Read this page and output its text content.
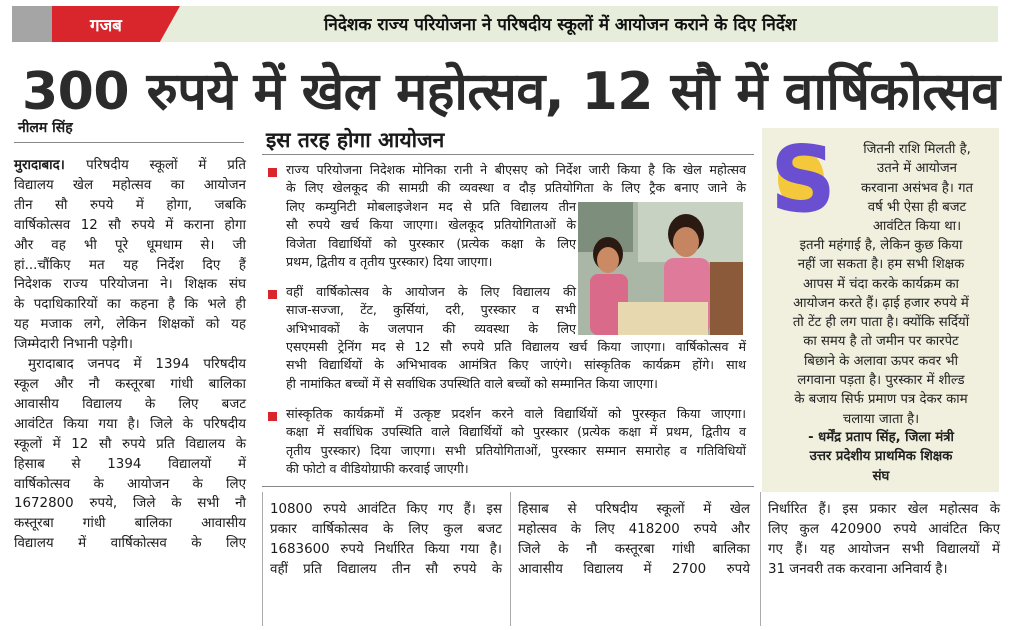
गजब	निदेशक राज्य परियोजना ने परिषदीय स्कूलों में आयोजन कराने के दिए निर्देश
300 रुपये में खेल महोत्सव, 12 सौ में वार्षिकोत्सव
नीलम सिंह
मुरादाबाद। परिषदीय स्कूलों में प्रति
विद्यालय खेल महोत्सव का आयोजन
तीन सौ रुपये में होगा, जबकि
वार्षिकोत्सव 12 सौ रुपये में कराना होगा
और वह भी पूरे धूमधाम से। जी
हां...चौंकिए मत यह निर्देश दिए हैं
निदेशक राज्य परियोजना ने। शिक्षक संघ
के पदाधिकारियों का कहना है कि भले ही
यह मजाक लगे, लेकिन शिक्षकों को यह
जिम्मेदारी निभानी पड़ेगी।
मुरादाबाद जनपद में 1394 परिषदीय
स्कूल और नौ कस्तूरबा गांधी बालिका
आवासीय विद्यालय के लिए बजट
आवंटित किया गया है। जिले के परिषदीय
स्कूलों में 12 सौ रुपये प्रति विद्यालय के
हिसाब से 1394 विद्यालयों में
वार्षिकोत्सव के आयोजन के लिए
1672800 रुपये, जिले के सभी नौ
कस्तूरबा गांधी बालिका आवासीय
विद्यालय में वार्षिकोत्सव के लिए
इस तरह होगा आयोजन
राज्य परियोजना निदेशक मोनिका रानी ने बीएसए को निर्देश जारी किया है कि खेल महोत्सव
के लिए खेलकूद की सामग्री की व्यवस्था व दौड़ प्रतियोगिता के लिए ट्रैक बनाए जाने के
लिए कम्युनिटी मोबलाइजेशन मद से प्रति विद्यालय तीन
सौ रुपये खर्च किया जाएगा। खेलकूद प्रतियोगिताओं के
विजेता विद्यार्थियों को पुरस्कार (प्रत्येक कक्षा के लिए
प्रथम, द्वितीय व तृतीय पुरस्कार) दिया जाएगा।
वहीं वार्षिकोत्सव के आयोजन के लिए विद्यालय की
साज-सज्जा, टेंट, कुर्सियां, दरी, पुरस्कार व सभी
अभिभावकों के जलपान की व्यवस्था के लिए
एसएमसी ट्रेनिंग मद से 12 सौ रुपये प्रति विद्यालय खर्च किया जाएगा। वार्षिकोत्सव में
सभी विद्यार्थियों के अभिभावक आमंत्रित किए जाएंगे। सांस्कृतिक कार्यक्रम होंगे। साथ
ही नामांकित बच्चों में से सर्वाधिक उपस्थिति वाले बच्चों को सम्मानित किया जाएगा।
सांस्कृतिक कार्यक्रमों में उत्कृष्ट प्रदर्शन करने वाले विद्यार्थियों को पुरस्कृत किया जाएगा।
कक्षा में सर्वाधिक उपस्थिति वाले विद्यार्थियों को पुरस्कार (प्रत्येक कक्षा में प्रथम, द्वितीय व
तृतीय पुरस्कार) दिया जाएगा। सभी प्रतियोगिताओं, पुरस्कार सम्मान समारोह व गतिविधियों
की फोटो व वीडियोग्राफी करवाई जाएगी।
S	जितनी राशि मिलती है,
उतने में आयोजन
करवाना असंभव है। गत
वर्ष भी ऐसा ही बजट
आवंटित किया था।
इतनी महंगाई है, लेकिन कुछ किया
नहीं जा सकता है। हम सभी शिक्षक
आपस में चंदा करके कार्यक्रम का
आयोजन करते हैं। ढ़ाई हजार रुपये में
तो टेंट ही लग पाता है। क्योंकि सर्दियों
का समय है तो जमीन पर कारपेट
बिछाने के अलावा ऊपर कवर भी
लगवाना पड़ता है। पुरस्कार में शील्ड
के बजाय सिर्फ प्रमाण पत्र देकर काम
चलाया जाता है।
- धर्मेंद्र प्रताप सिंह, जिला मंत्री
उत्तर प्रदेशीय प्राथमिक शिक्षक
संघ
10800 रुपये आवंटित किए गए हैं। इस
प्रकार वार्षिकोत्सव के लिए कुल बजट
1683600 रुपये निर्धारित किया गया है।
वहीं प्रति विद्यालय तीन सौ रुपये के
हिसाब से परिषदीय स्कूलों में खेल
महोत्सव के लिए 418200 रुपये और
जिले के नौ कस्तूरबा गांधी बालिका
आवासीय विद्यालय में 2700 रुपये
निर्धारित हैं। इस प्रकार खेल महोत्सव के
लिए कुल 420900 रुपये आवंटित किए
गए हैं। यह आयोजन सभी विद्यालयों में
31 जनवरी तक करवाना अनिवार्य है।
